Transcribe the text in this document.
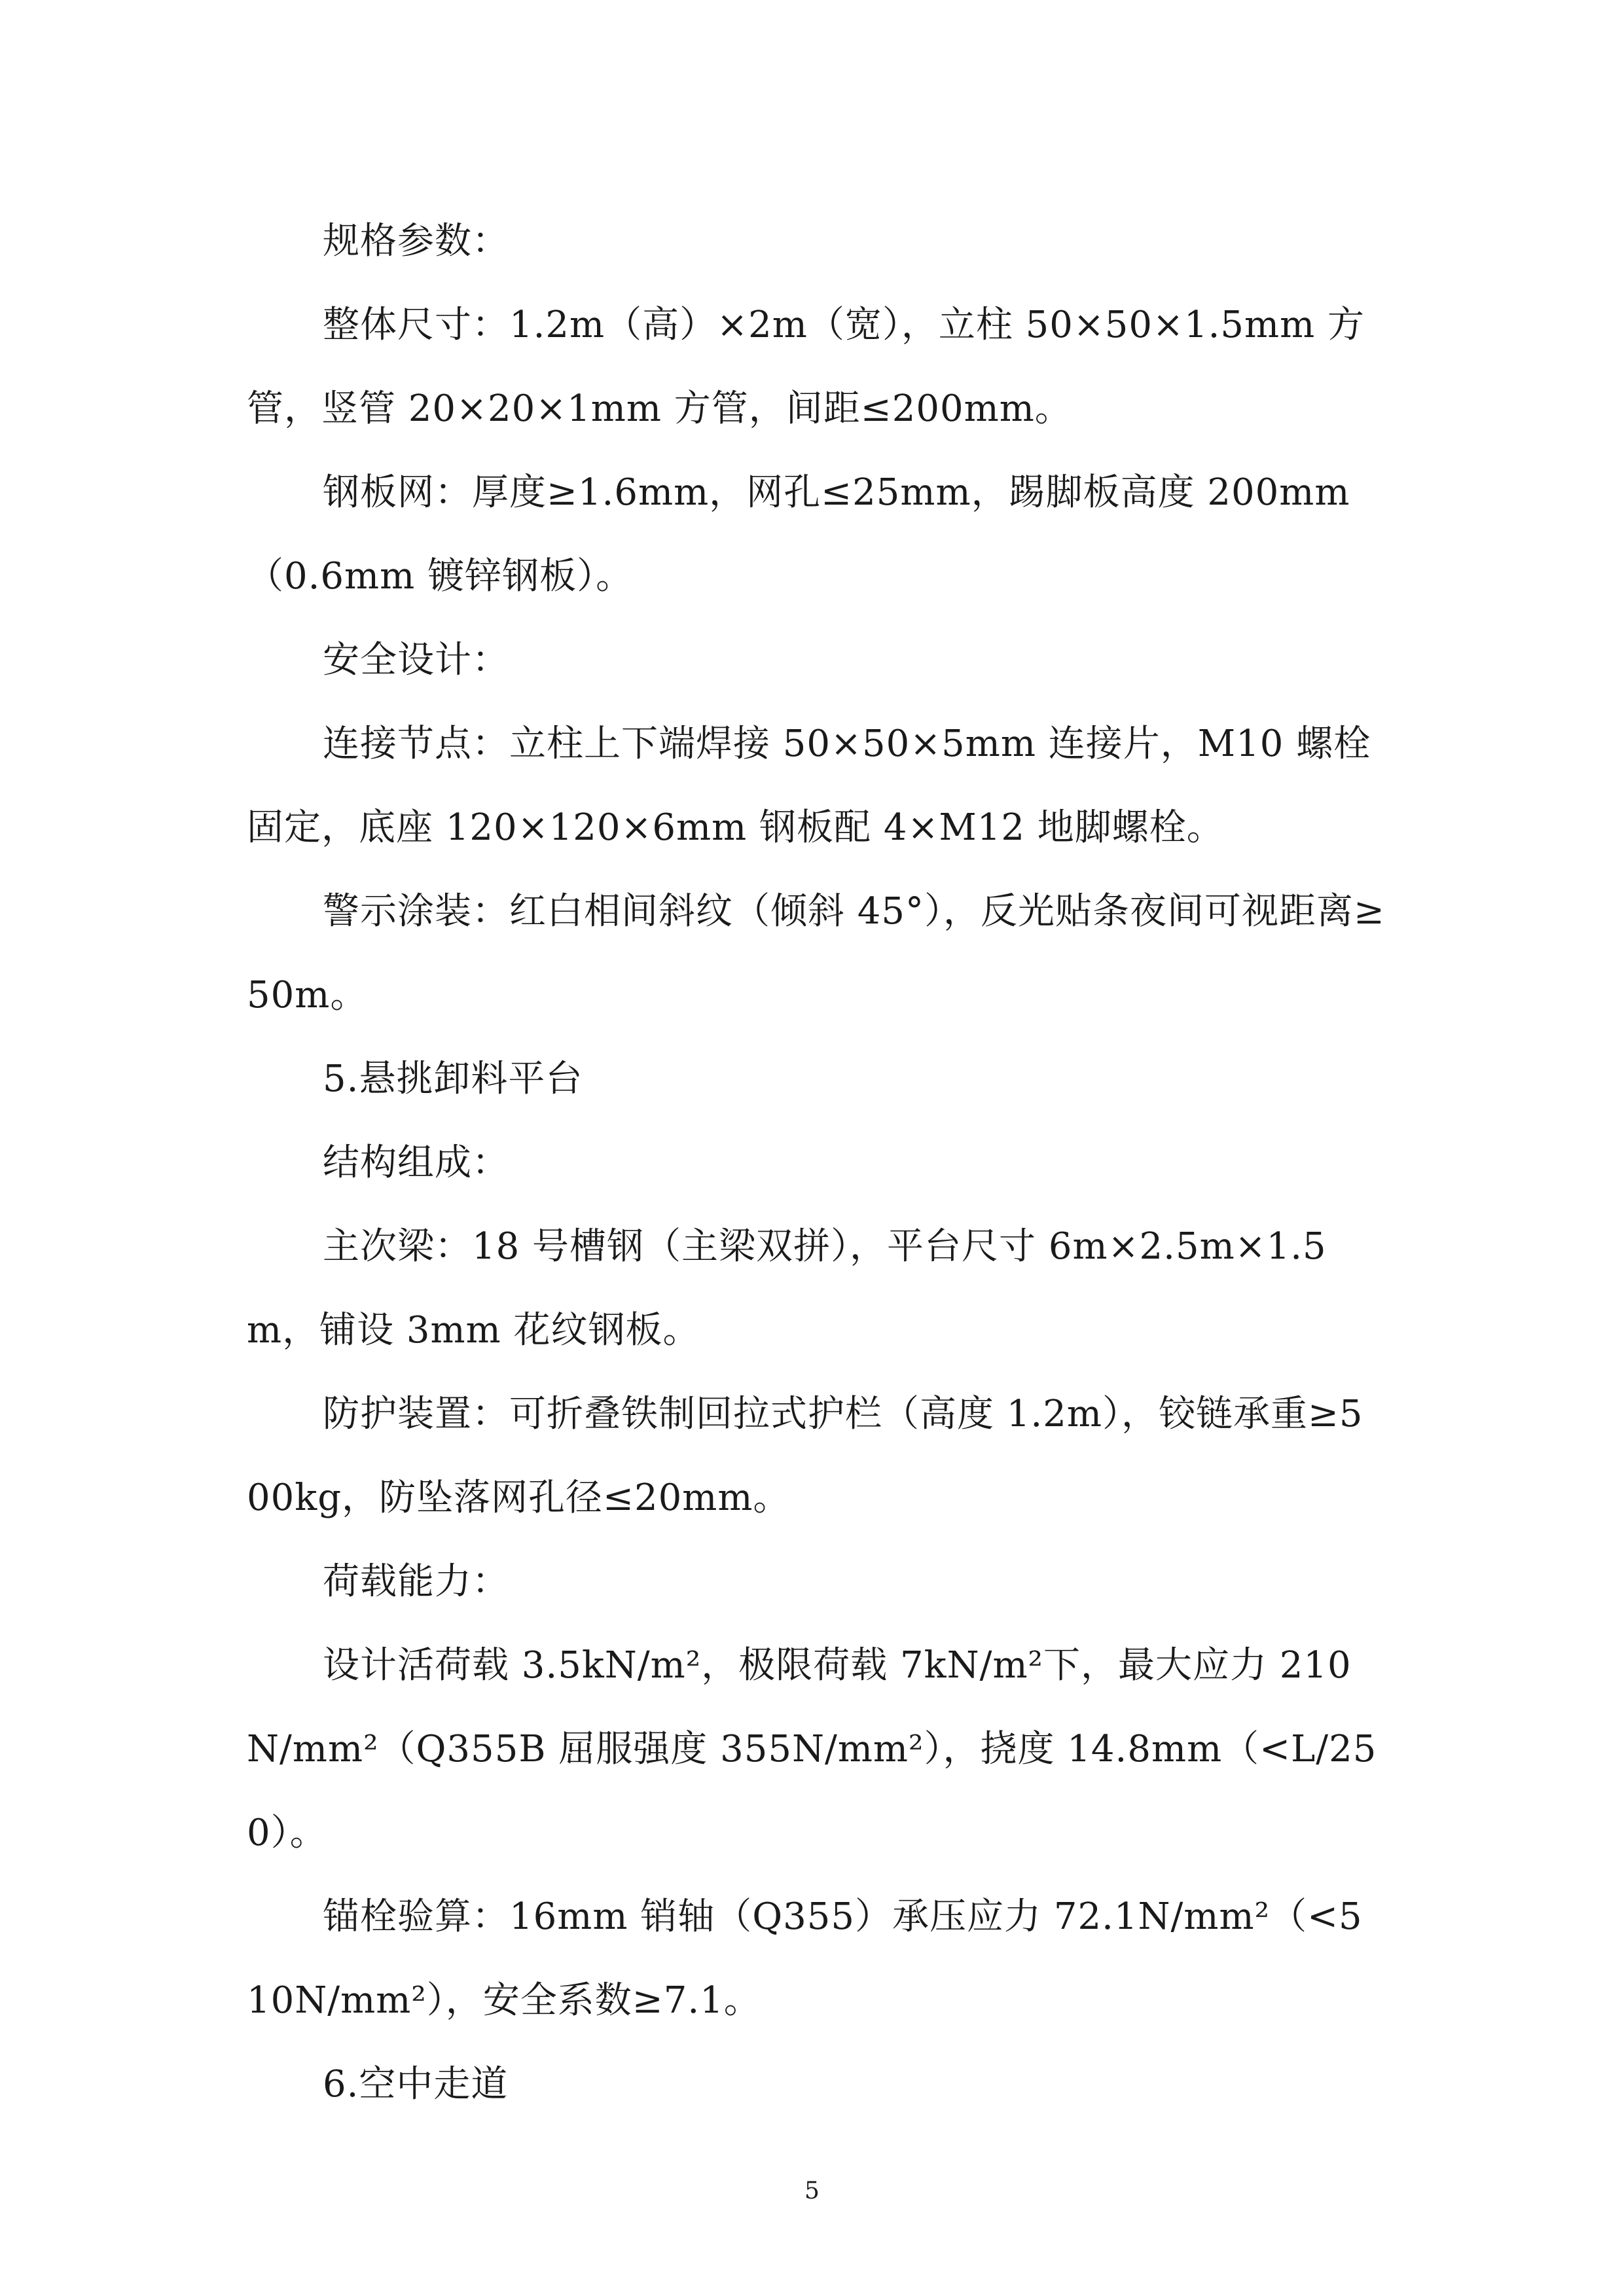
规格参数：

整体尺寸：1.2m（高）×2m（宽），立柱 50×50×1.5mm 方管，竖管 20×20×1mm 方管，间距≤200mm。

钢板网：厚度≥1.6mm，网孔≤25mm，踢脚板高度 200mm（0.6mm 镀锌钢板）。

安全设计：

连接节点：立柱上下端焊接 50×50×5mm 连接片，M10 螺栓固定，底座 120×120×6mm 钢板配 4×M12 地脚螺栓。

警示涂装：红白相间斜纹（倾斜 45°），反光贴条夜间可视距离≥50m。

5.悬挑卸料平台

结构组成：

主次梁：18 号槽钢（主梁双拼），平台尺寸 6m×2.5m×1.5m，铺设 3mm 花纹钢板。

防护装置：可折叠铁制回拉式护栏（高度 1.2m），铰链承重≥500kg，防坠落网孔径≤20mm。

荷载能力：

设计活荷载 3.5kN/m²，极限荷载 7kN/m²下，最大应力 210N/mm²（Q355B 屈服强度 355N/mm²），挠度 14.8mm（<L/250）。

锚栓验算：16mm 销轴（Q355）承压应力 72.1N/mm²（<510N/mm²），安全系数≥7.1。

6.空中走道

5
